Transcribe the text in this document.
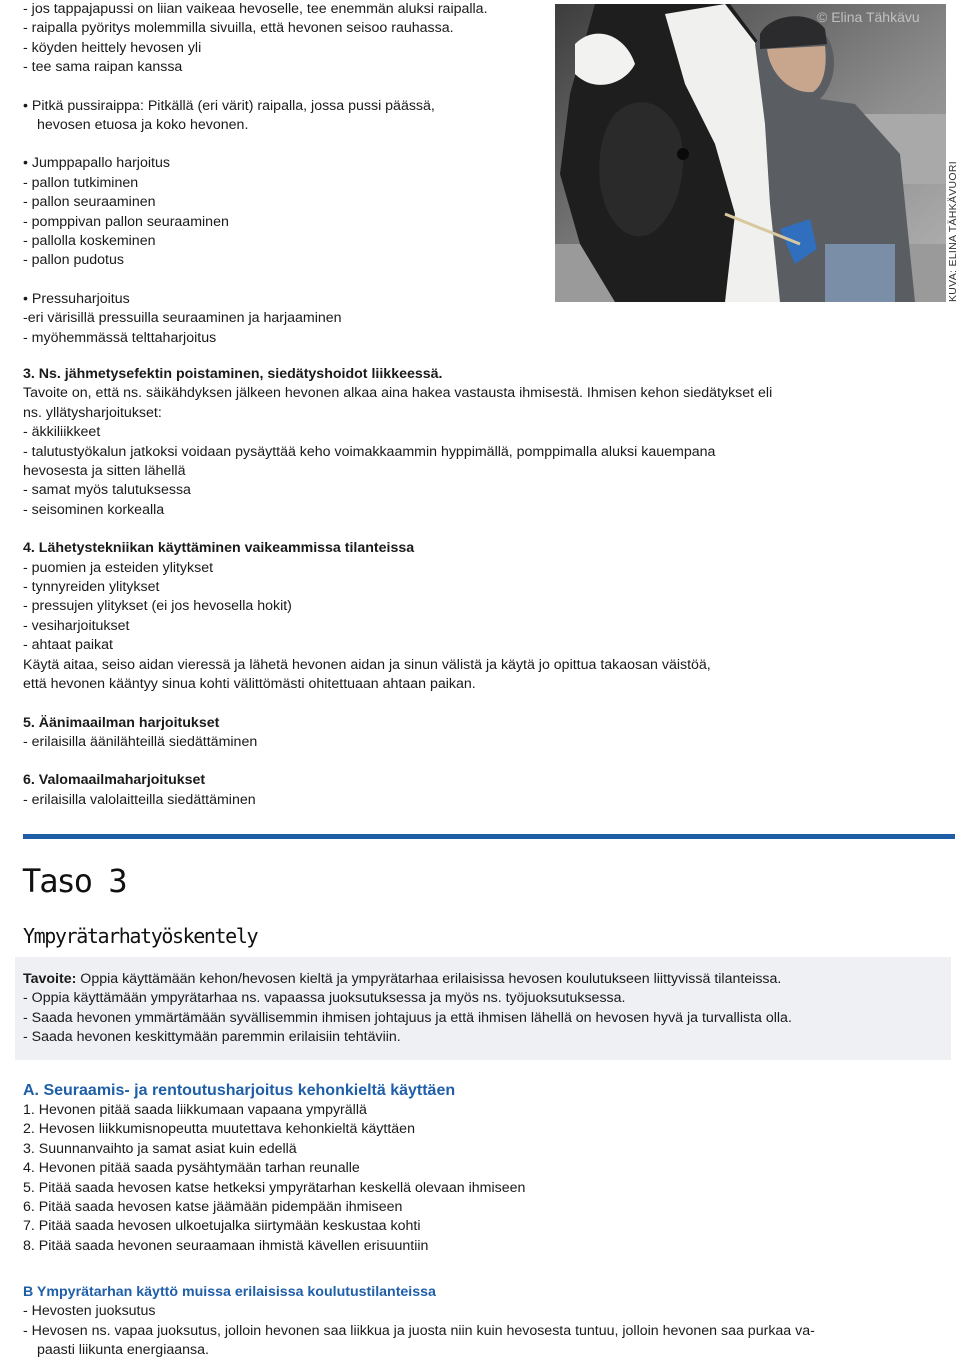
- jos tappajapussi on liian vaikeaa hevoselle, tee enemmän aluksi raipalla.
- raipalla pyöritys molemmilla sivuilla, että hevonen seisoo rauhassa.
- köyden heittely hevosen yli
- tee sama raipan kanssa
• Pitkä pussiraippa: Pitkällä (eri värit) raipalla, jossa pussi päässä,
hevosen etuosa ja koko hevonen.
• Jumppapallo harjoitus
- pallon tutkiminen
- pallon seuraaminen
- pomppivan pallon seuraaminen
- pallolla koskeminen
- pallon pudotus
• Pressuharjoitus
-eri värisillä pressuilla seuraaminen ja harjaaminen
- myöhemmässä telttaharjoitus
© Elina Tähkävu
KUVA: ELINA TÄHKÄVUORI
3. Ns. jähmetysefektin poistaminen, siedätyshoidot liikkeessä.
Tavoite on, että ns. säikähdyksen jälkeen hevonen alkaa aina hakea vastausta ihmisestä. Ihmisen kehon siedätykset eli
ns. yllätysharjoitukset:
- äkkiliikkeet
- talutustyökalun jatkoksi voidaan pysäyttää keho voimakkaammin hyppimällä, pomppimalla aluksi kauempana
hevosesta ja sitten lähellä
- samat myös talutuksessa
- seisominen korkealla
4. Lähetystekniikan käyttäminen vaikeammissa tilanteissa
- puomien ja esteiden ylitykset
- tynnyreiden ylitykset
- pressujen ylitykset (ei jos hevosella hokit)
- vesiharjoitukset
- ahtaat paikat
Käytä aitaa, seiso aidan vieressä ja lähetä hevonen aidan ja sinun välistä ja käytä jo opittua takaosan väistöä,
että hevonen kääntyy sinua kohti välittömästi ohitettuaan ahtaan paikan.
5. Äänimaailman harjoitukset
- erilaisilla äänilähteillä siedättäminen
6. Valomaailmaharjoitukset
- erilaisilla valolaitteilla siedättäminen
Taso 3
Ympyrätarhatyöskentely
Tavoite: Oppia käyttämään kehon/hevosen kieltä ja ympyrätarhaa erilaisissa hevosen koulutukseen liittyvissä tilanteissa.
- Oppia käyttämään ympyrätarhaa ns. vapaassa juoksutuksessa ja myös ns. työjuoksutuksessa.
- Saada hevonen ymmärtämään syvällisemmin ihmisen johtajuus ja että ihmisen lähellä on hevosen hyvä ja turvallista olla.
- Saada hevonen keskittymään paremmin erilaisiin tehtäviin.
A. Seuraamis- ja rentoutusharjoitus kehonkieltä käyttäen
1. Hevonen pitää saada liikkumaan vapaana ympyrällä
2. Hevosen liikkumisnopeutta muutettava kehonkieltä käyttäen
3. Suunnanvaihto ja samat asiat kuin edellä
4. Hevonen pitää saada pysähtymään tarhan reunalle
5. Pitää saada hevosen katse hetkeksi ympyrätarhan keskellä olevaan ihmiseen
6. Pitää saada hevosen katse jäämään pidempään ihmiseen
7. Pitää saada hevosen ulkoetujalka siirtymään keskustaa kohti
8. Pitää saada hevonen seuraamaan ihmistä kävellen erisuuntiin
B Ympyrätarhan käyttö muissa erilaisissa koulutustilanteissa
- Hevosten juoksutus
- Hevosen ns. vapaa juoksutus, jolloin hevonen saa liikkua ja juosta niin kuin hevosesta tuntuu, jolloin hevonen saa purkaa va-
paasti liikunta energiaansa.
